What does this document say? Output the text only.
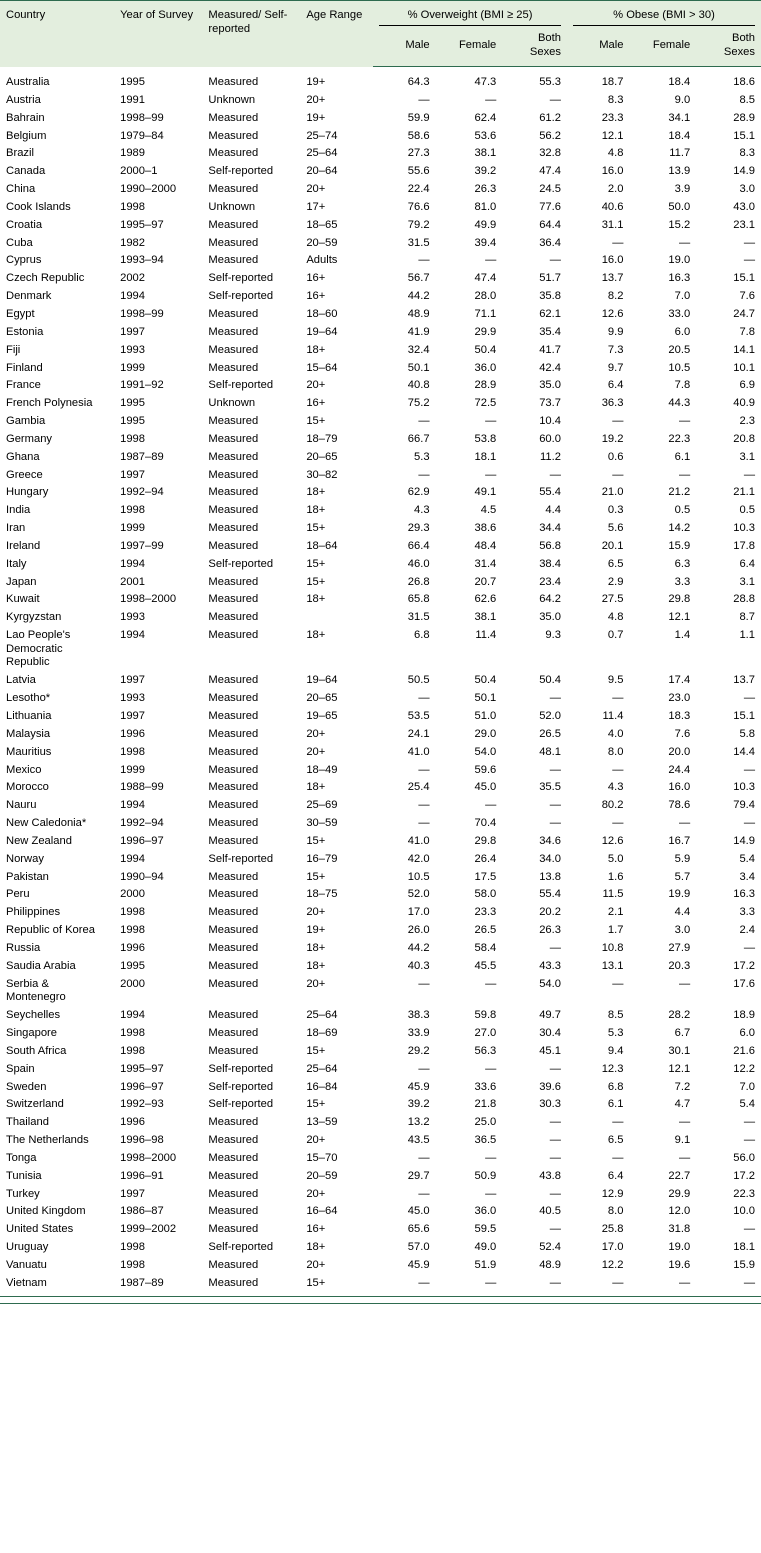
Country	Year of Survey	Measured/ Self-reported	Age Range	% Overweight (BMI ≥ 25)			% Obese (BMI > 30)		

				Male	Female	Both Sexes	Male	Female	Both Sexes
Australia	1995	Measured	19+	64.3	47.3	55.3	18.7	18.4	18.6
Austria	1991	Unknown	20+	—	—	—	8.3	9.0	8.5
Bahrain	1998–99	Measured	19+	59.9	62.4	61.2	23.3	34.1	28.9
Belgium	1979–84	Measured	25–74	58.6	53.6	56.2	12.1	18.4	15.1
Brazil	1989	Measured	25–64	27.3	38.1	32.8	4.8	11.7	8.3
Canada	2000–1	Self-reported	20–64	55.6	39.2	47.4	16.0	13.9	14.9
China	1990–2000	Measured	20+	22.4	26.3	24.5	2.0	3.9	3.0
Cook Islands	1998	Unknown	17+	76.6	81.0	77.6	40.6	50.0	43.0
Croatia	1995–97	Measured	18–65	79.2	49.9	64.4	31.1	15.2	23.1
Cuba	1982	Measured	20–59	31.5	39.4	36.4	—	—	—
Cyprus	1993–94	Measured	Adults	—	—	—	16.0	19.0	—
Czech Republic	2002	Self-reported	16+	56.7	47.4	51.7	13.7	16.3	15.1
Denmark	1994	Self-reported	16+	44.2	28.0	35.8	8.2	7.0	7.6
Egypt	1998–99	Measured	18–60	48.9	71.1	62.1	12.6	33.0	24.7
Estonia	1997	Measured	19–64	41.9	29.9	35.4	9.9	6.0	7.8
Fiji	1993	Measured	18+	32.4	50.4	41.7	7.3	20.5	14.1
Finland	1999	Measured	15–64	50.1	36.0	42.4	9.7	10.5	10.1
France	1991–92	Self-reported	20+	40.8	28.9	35.0	6.4	7.8	6.9
French Polynesia	1995	Unknown	16+	75.2	72.5	73.7	36.3	44.3	40.9
Gambia	1995	Measured	15+	—	—	10.4	—	—	2.3
Germany	1998	Measured	18–79	66.7	53.8	60.0	19.2	22.3	20.8
Ghana	1987–89	Measured	20–65	5.3	18.1	11.2	0.6	6.1	3.1
Greece	1997	Measured	30–82	—	—	—	—	—	—
Hungary	1992–94	Measured	18+	62.9	49.1	55.4	21.0	21.2	21.1
India	1998	Measured	18+	4.3	4.5	4.4	0.3	0.5	0.5
Iran	1999	Measured	15+	29.3	38.6	34.4	5.6	14.2	10.3
Ireland	1997–99	Measured	18–64	66.4	48.4	56.8	20.1	15.9	17.8
Italy	1994	Self-reported	15+	46.0	31.4	38.4	6.5	6.3	6.4
Japan	2001	Measured	15+	26.8	20.7	23.4	2.9	3.3	3.1
Kuwait	1998–2000	Measured	18+	65.8	62.6	64.2	27.5	29.8	28.8
Kyrgyzstan	1993	Measured		31.5	38.1	35.0	4.8	12.1	8.7
Lao People's Democratic Republic	1994	Measured	18+	6.8	11.4	9.3	0.7	1.4	1.1
Latvia	1997	Measured	19–64	50.5	50.4	50.4	9.5	17.4	13.7
Lesotho*	1993	Measured	20–65	—	50.1	—	—	23.0	—
Lithuania	1997	Measured	19–65	53.5	51.0	52.0	11.4	18.3	15.1
Malaysia	1996	Measured	20+	24.1	29.0	26.5	4.0	7.6	5.8
Mauritius	1998	Measured	20+	41.0	54.0	48.1	8.0	20.0	14.4
Mexico	1999	Measured	18–49	—	59.6	—	—	24.4	—
Morocco	1988–99	Measured	18+	25.4	45.0	35.5	4.3	16.0	10.3
Nauru	1994	Measured	25–69	—	—	—	80.2	78.6	79.4
New Caledonia*	1992–94	Measured	30–59	—	70.4	—	—	—	—
New Zealand	1996–97	Measured	15+	41.0	29.8	34.6	12.6	16.7	14.9
Norway	1994	Self-reported	16–79	42.0	26.4	34.0	5.0	5.9	5.4
Pakistan	1990–94	Measured	15+	10.5	17.5	13.8	1.6	5.7	3.4
Peru	2000	Measured	18–75	52.0	58.0	55.4	11.5	19.9	16.3
Philippines	1998	Measured	20+	17.0	23.3	20.2	2.1	4.4	3.3
Republic of Korea	1998	Measured	19+	26.0	26.5	26.3	1.7	3.0	2.4
Russia	1996	Measured	18+	44.2	58.4	—	10.8	27.9	—
Saudia Arabia	1995	Measured	18+	40.3	45.5	43.3	13.1	20.3	17.2
Serbia & Montenegro	2000	Measured	20+	—	—	54.0	—	—	17.6
Seychelles	1994	Measured	25–64	38.3	59.8	49.7	8.5	28.2	18.9
Singapore	1998	Measured	18–69	33.9	27.0	30.4	5.3	6.7	6.0
South Africa	1998	Measured	15+	29.2	56.3	45.1	9.4	30.1	21.6
Spain	1995–97	Self-reported	25–64	—	—	—	12.3	12.1	12.2
Sweden	1996–97	Self-reported	16–84	45.9	33.6	39.6	6.8	7.2	7.0
Switzerland	1992–93	Self-reported	15+	39.2	21.8	30.3	6.1	4.7	5.4
Thailand	1996	Measured	13–59	13.2	25.0	—	—	—	—
The Netherlands	1996–98	Measured	20+	43.5	36.5	—	6.5	9.1	—
Tonga	1998–2000	Measured	15–70	—	—	—	—	—	56.0
Tunisia	1996–91	Measured	20–59	29.7	50.9	43.8	6.4	22.7	17.2
Turkey	1997	Measured	20+	—	—	—	12.9	29.9	22.3
United Kingdom	1986–87	Measured	16–64	45.0	36.0	40.5	8.0	12.0	10.0
United States	1999–2002	Measured	16+	65.6	59.5	—	25.8	31.8	—
Uruguay	1998	Self-reported	18+	57.0	49.0	52.4	17.0	19.0	18.1
Vanuatu	1998	Measured	20+	45.9	51.9	48.9	12.2	19.6	15.9
Vietnam	1987–89	Measured	15+	—	—	—	—	—	—
